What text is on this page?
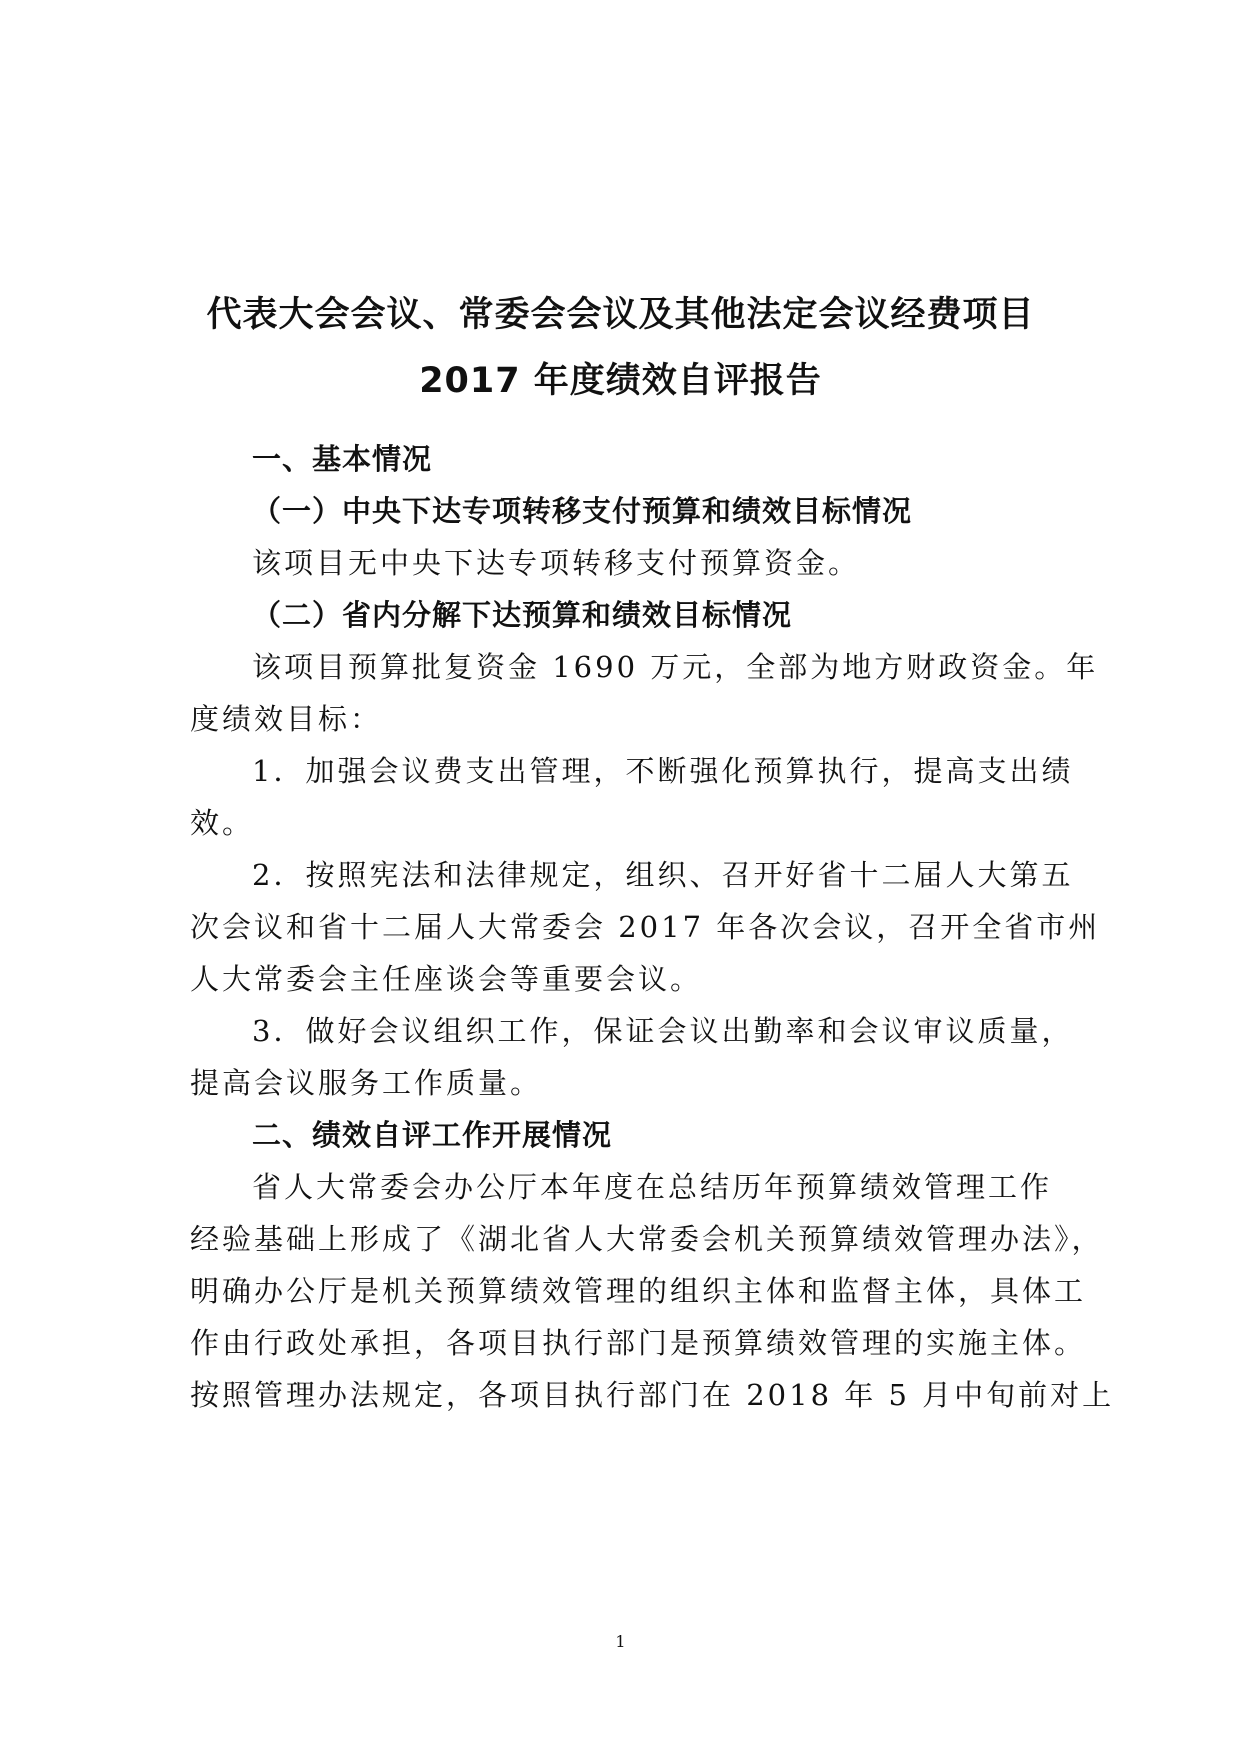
代表大会会议、常委会会议及其他法定会议经费项目
2017 年度绩效自评报告
一、基本情况
（一）中央下达专项转移支付预算和绩效目标情况
该项目无中央下达专项转移支付预算资金。
（二）省内分解下达预算和绩效目标情况
该项目预算批复资金 1690 万元，全部为地方财政资金。年
度绩效目标：
1．加强会议费支出管理，不断强化预算执行，提高支出绩
效。
2．按照宪法和法律规定，组织、召开好省十二届人大第五
次会议和省十二届人大常委会 2017 年各次会议，召开全省市州
人大常委会主任座谈会等重要会议。
3．做好会议组织工作，保证会议出勤率和会议审议质量，
提高会议服务工作质量。
二、绩效自评工作开展情况
省人大常委会办公厅本年度在总结历年预算绩效管理工作
经验基础上形成了《湖北省人大常委会机关预算绩效管理办法》，
明确办公厅是机关预算绩效管理的组织主体和监督主体，具体工
作由行政处承担，各项目执行部门是预算绩效管理的实施主体。
按照管理办法规定，各项目执行部门在 2018 年 5 月中旬前对上
1
